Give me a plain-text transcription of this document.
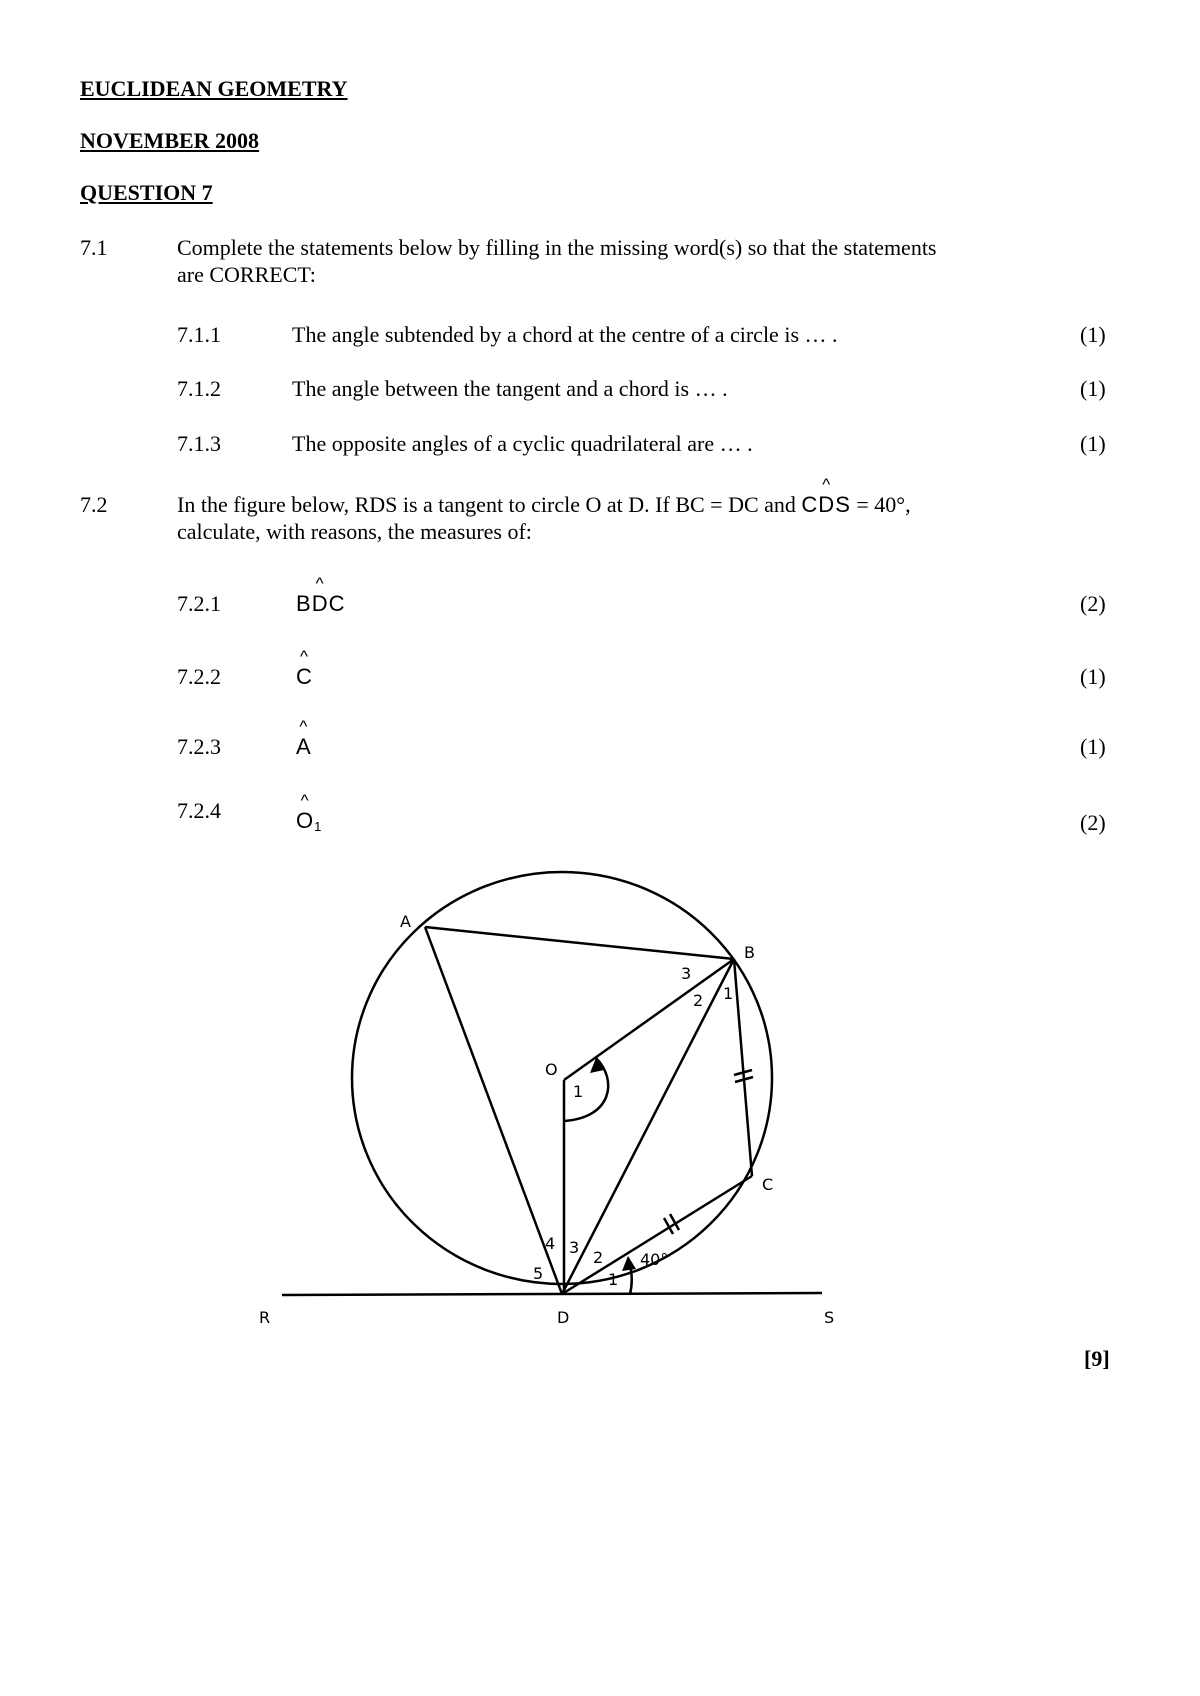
EUCLIDEAN GEOMETRY
NOVEMBER 2008
QUESTION 7
7.1	Complete the statements below by filling in the missing word(s) so that the statements
are CORRECT:
7.1.1	The angle subtended by a chord at the centre of a circle is … .	(1)
7.1.2	The angle between the tangent and a chord is … .	(1)
7.1.3	The opposite angles of a cyclic quadrilateral are … .	(1)
7.2	In the figure below, RDS is a tangent to circle O at D. If BC = DC and C^ DS = 40°,
calculate, with reasons, the measures of:
7.2.1	B^ DC	(2)
7.2.2	^ C	(1)
7.2.3	^ A	(1)
7.2.4	^ $O_1$	(2)
A
B
C
D
O
R	S
3
2 1
1
4 3
2
1
5
40°
[9]
